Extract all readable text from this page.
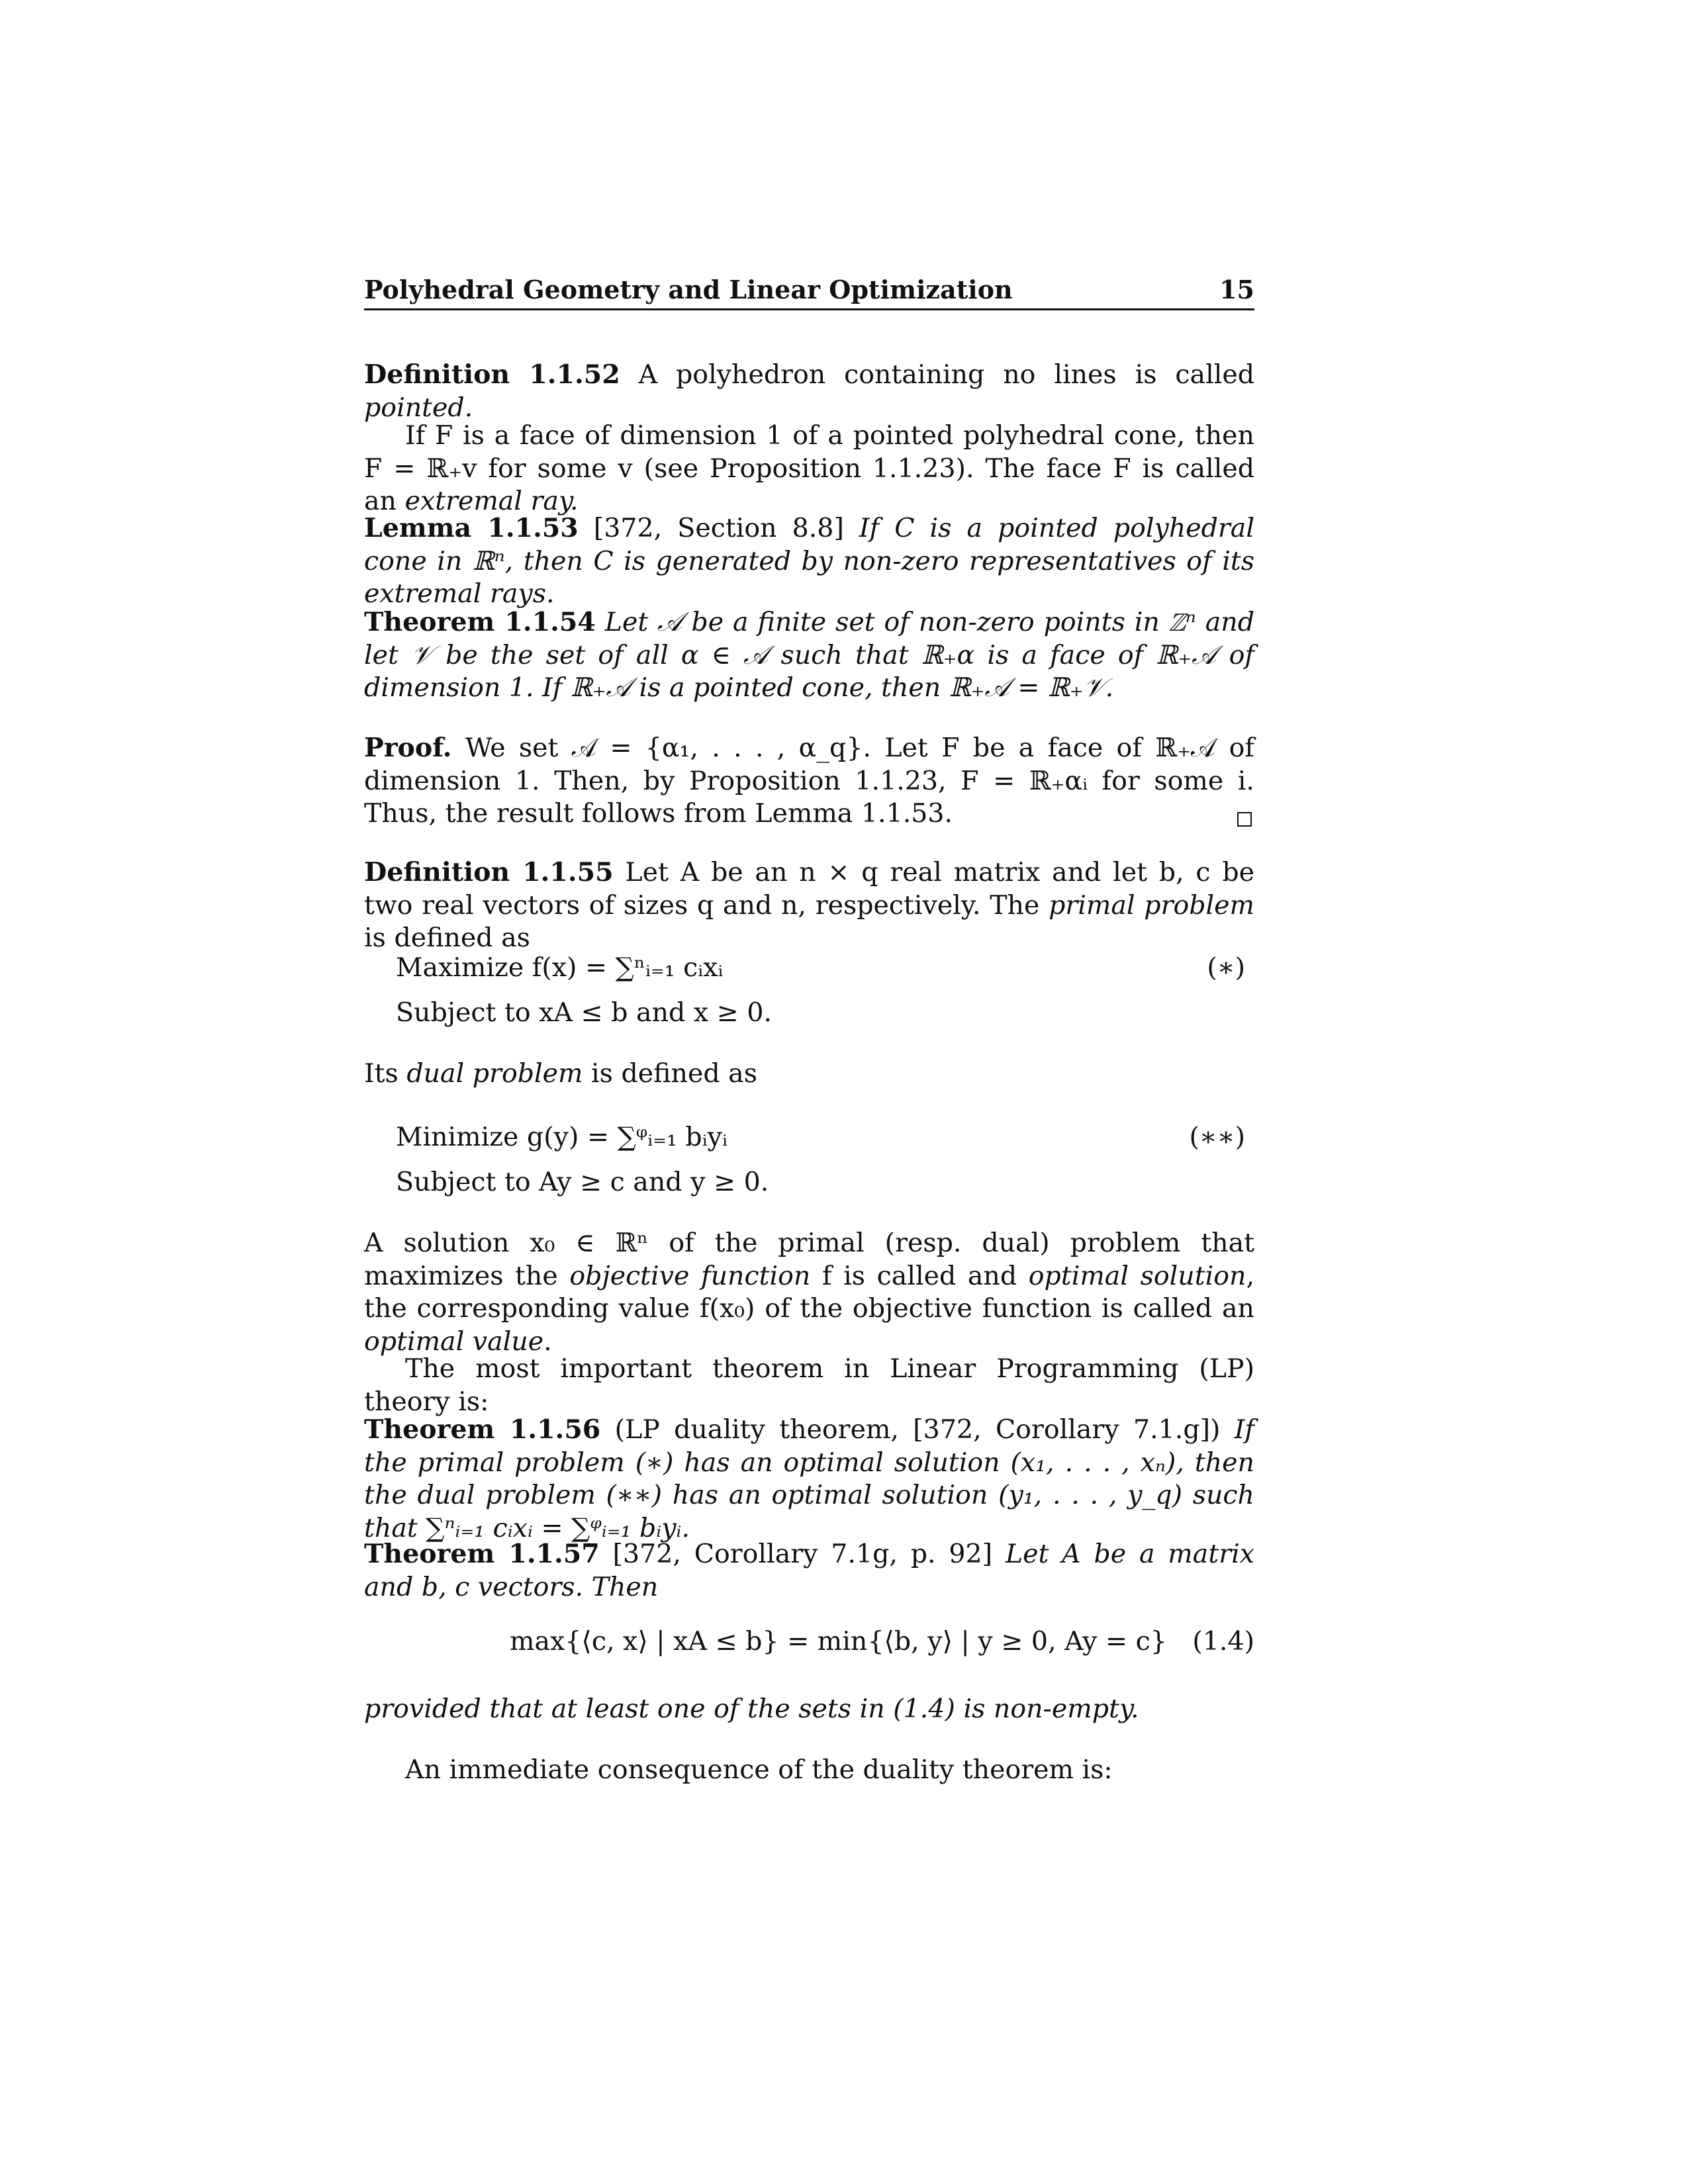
Polyhedral Geometry and Linear Optimization	15
Definition 1.1.52 A polyhedron containing no lines is called pointed.
If F is a face of dimension 1 of a pointed polyhedral cone, then F = ℝ₊v for some v (see Proposition 1.1.23). The face F is called an extremal ray.
Lemma 1.1.53 [372, Section 8.8] If C is a pointed polyhedral cone in ℝⁿ, then C is generated by non-zero representatives of its extremal rays.
Theorem 1.1.54 Let 𝒜 be a finite set of non-zero points in ℤⁿ and let 𝒱 be the set of all α ∈ 𝒜 such that ℝ₊α is a face of ℝ₊𝒜 of dimension 1. If ℝ₊𝒜 is a pointed cone, then ℝ₊𝒜 = ℝ₊𝒱.
Proof. We set 𝒜 = {α₁, . . . , α_q}. Let F be a face of ℝ₊𝒜 of dimension 1. Then, by Proposition 1.1.23, F = ℝ₊αᵢ for some i. Thus, the result follows from Lemma 1.1.53.
Definition 1.1.55 Let A be an n × q real matrix and let b, c be two real vectors of sizes q and n, respectively. The primal problem is defined as
Maximize f(x) = ∑ⁿᵢ₌₁ cᵢxᵢ	(∗)
Subject to xA ≤ b and x ≥ 0.
Its dual problem is defined as
Minimize g(y) = ∑ᵠᵢ₌₁ bᵢyᵢ	(∗∗)
Subject to Ay ≥ c and y ≥ 0.
A solution x₀ ∈ ℝⁿ of the primal (resp. dual) problem that maximizes the objective function f is called and optimal solution, the corresponding value f(x₀) of the objective function is called an optimal value.
The most important theorem in Linear Programming (LP) theory is:
Theorem 1.1.56 (LP duality theorem, [372, Corollary 7.1.g]) If the primal problem (∗) has an optimal solution (x₁, . . . , xₙ), then the dual problem (∗∗) has an optimal solution (y₁, . . . , y_q) such that ∑ⁿᵢ₌₁ cᵢxᵢ = ∑ᵠᵢ₌₁ bᵢyᵢ.
Theorem 1.1.57 [372, Corollary 7.1g, p. 92] Let A be a matrix and b, c vectors. Then
max{⟨c, x⟩ | xA ≤ b} = min{⟨b, y⟩ | y ≥ 0, Ay = c} (1.4)
provided that at least one of the sets in (1.4) is non-empty.
An immediate consequence of the duality theorem is:
